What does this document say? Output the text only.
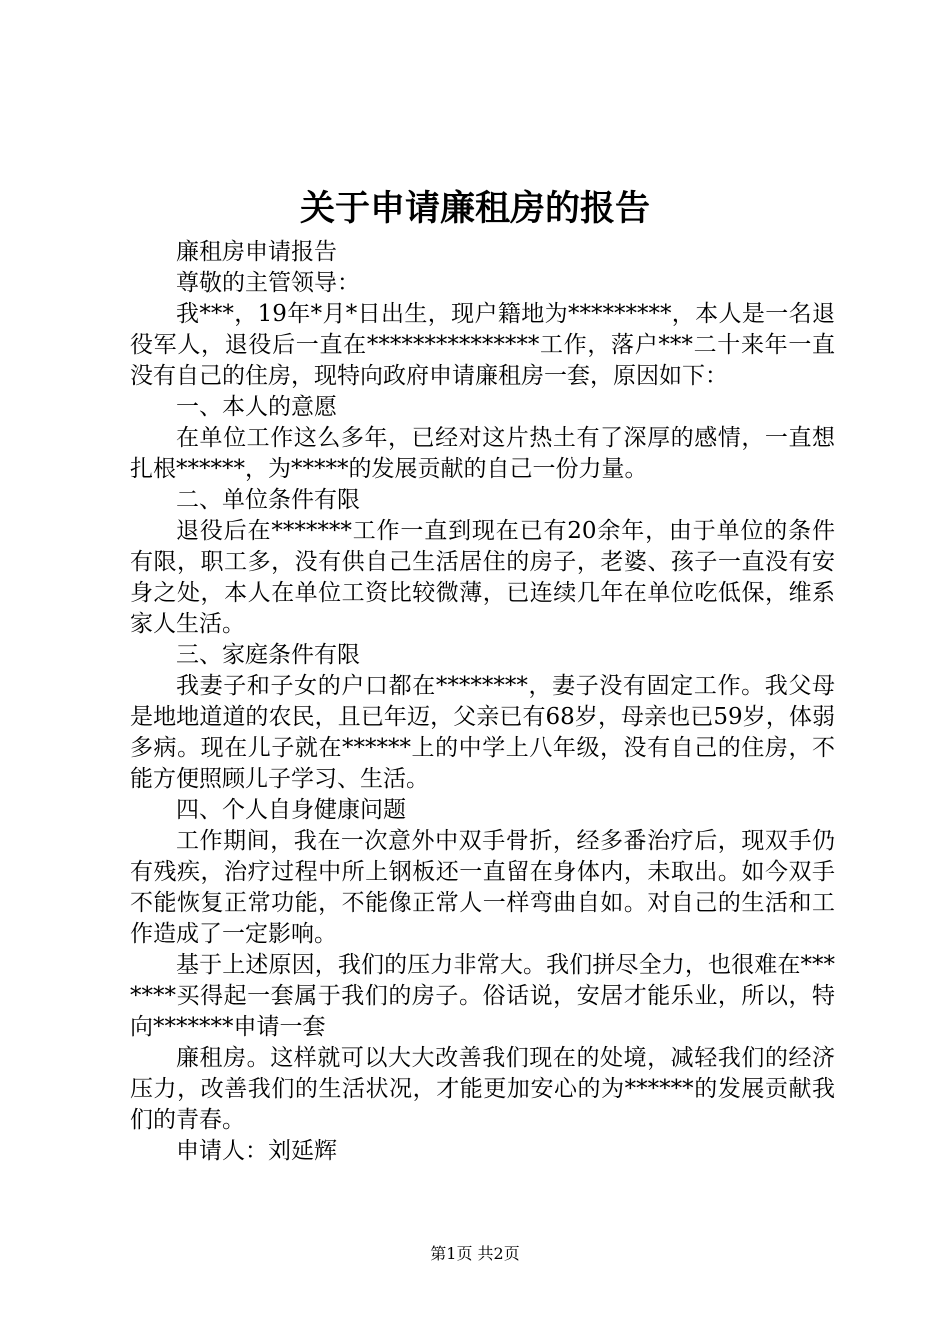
关于申请廉租房的报告

廉租房申请报告

尊敬的主管领导：

我***，19年*月*日出生，现户籍地为*********，本人是一名退役军人，退役后一直在***************工作，落户***二十来年一直没有自己的住房，现特向政府申请廉租房一套，原因如下：

一、本人的意愿

在单位工作这么多年，已经对这片热土有了深厚的感情，一直想扎根******，为*****的发展贡献的自己一份力量。

二、单位条件有限

退役后在*******工作一直到现在已有20余年，由于单位的条件有限，职工多，没有供自己生活居住的房子，老婆、孩子一直没有安身之处，本人在单位工资比较微薄，已连续几年在单位吃低保，维系家人生活。

三、家庭条件有限

我妻子和子女的户口都在********，妻子没有固定工作。我父母是地地道道的农民，且已年迈，父亲已有68岁，母亲也已59岁，体弱多病。现在儿子就在******上的中学上八年级，没有自己的住房，不能方便照顾儿子学习、生活。

四、个人自身健康问题

工作期间，我在一次意外中双手骨折，经多番治疗后，现双手仍有残疾，治疗过程中所上钢板还一直留在身体内，未取出。如今双手不能恢复正常功能，不能像正常人一样弯曲自如。对自己的生活和工作造成了一定影响。

基于上述原因，我们的压力非常大。我们拼尽全力，也很难在*******买得起一套属于我们的房子。俗话说，安居才能乐业，所以，特向*******申请一套

廉租房。这样就可以大大改善我们现在的处境，减轻我们的经济压力，改善我们的生活状况，才能更加安心的为******的发展贡献我们的青春。

申请人：刘延辉

第1页 共2页
